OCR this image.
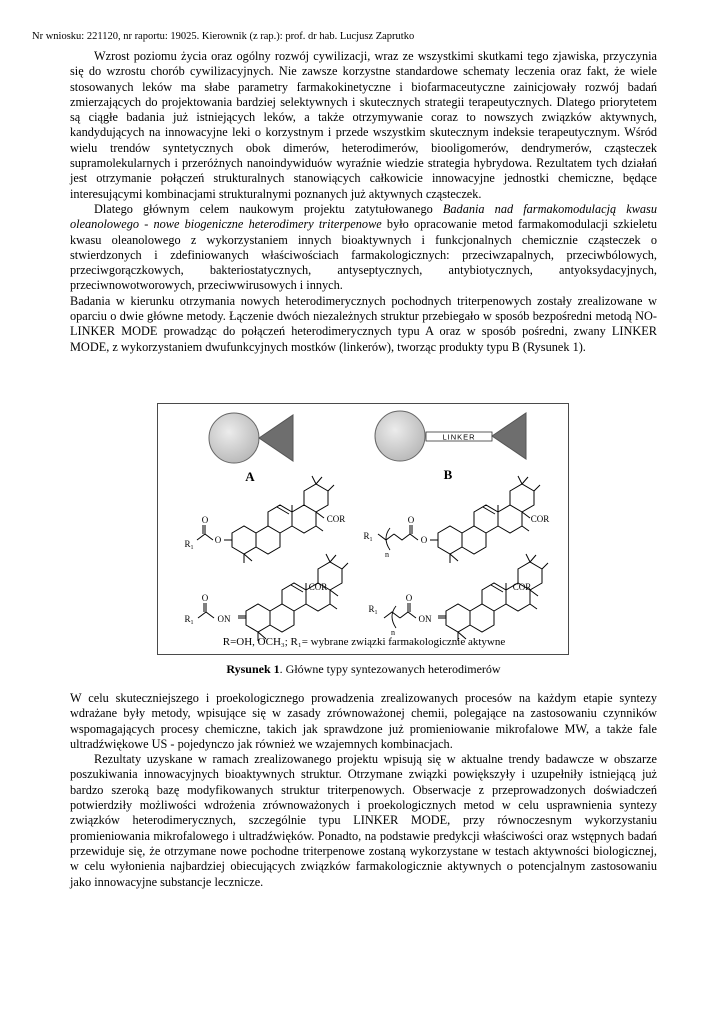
Nr wniosku: 221120, nr raportu: 19025. Kierownik (z rap.): prof. dr hab. Lucjusz Zaprutko

Wzrost poziomu życia oraz ogólny rozwój cywilizacji, wraz ze wszystkimi skutkami tego zjawiska, przyczynia się do wzrostu chorób cywilizacyjnych. Nie zawsze korzystne standardowe schematy leczenia oraz fakt, że wiele stosowanych leków ma słabe parametry farmakokinetyczne i biofarmaceutyczne zainicjowały rozwój badań zmierzających do projektowania bardziej selektywnych i skutecznych strategii terapeutycznych. Dlatego priorytetem są ciągłe badania już istniejących leków, a także otrzymywanie coraz to nowszych związków aktywnych, kandydujących na innowacyjne leki o korzystnym i przede wszystkim skutecznym indeksie terapeutycznym. Wśród wielu trendów syntetycznych obok dimerów, heterodimerów, biooligomerów, dendrymerów, cząsteczek supramolekularnych i przeróżnych nanoindywiduów wyraźnie wiedzie strategia hybrydowa. Rezultatem tych działań jest otrzymanie połączeń strukturalnych stanowiących całkowicie innowacyjne jednostki chemiczne, będące interesującymi kombinacjami strukturalnymi poznanych już aktywnych cząsteczek.

Dlatego głównym celem naukowym projektu zatytułowanego Badania nad farmakomodulacją kwasu oleanolowego - nowe biogeniczne heterodimery triterpenowe było opracowanie metod farmakomodulacji szkieletu kwasu oleanolowego z wykorzystaniem innych bioaktywnych i funkcjonalnych chemicznie cząsteczek o stwierdzonych i zdefiniowanych właściwościach farmakologicznych: przeciwzapalnych, przeciwbólowych, przeciwgorączkowych, bakteriostatycznych, antyseptycznych, antybiotycznych, antyoksydacyjnych, przeciwnowotworowych, przeciwwirusowych i innych.

Badania w kierunku otrzymania nowych heterodimerycznych pochodnych triterpenowych zostały zrealizowane w oparciu o dwie główne metody. Łączenie dwóch niezależnych struktur przebiegało w sposób bezpośredni metodą NO-LINKER MODE prowadząc do połączeń heterodimerycznych typu A oraz w sposób pośredni, zwany LINKER MODE, z wykorzystaniem dwufunkcyjnych mostków (linkerów), tworząc produkty typu B (Rysunek 1).

A
LINKER
B
O
O
$R_1$
COR
O
O
n
$R_1$
COR
ON
O
$R_1$
COR
ON
O
n
$R_1$
COR
R=OH, OCH₃; R₁= wybrane związki farmakologicznie aktywne
Rysunek 1. Główne typy syntezowanych heterodimerów

W celu skuteczniejszego i proekologicznego prowadzenia zrealizowanych procesów na każdym etapie syntezy wdrażane były metody, wpisujące się w zasady zrównoważonej chemii, polegające na zastosowaniu czynników wspomagających procesy chemiczne, takich jak sprawdzone już promieniowanie mikrofalowe MW, a także fale ultradźwiękowe US - pojedynczo jak również we wzajemnych kombinacjach.

Rezultaty uzyskane w ramach zrealizowanego projektu wpisują się w aktualne trendy badawcze w obszarze poszukiwania innowacyjnych bioaktywnych struktur. Otrzymane związki powiększyły i uzupełniły istniejącą już bardzo szeroką bazę modyfikowanych struktur triterpenowych. Obserwacje z przeprowadzonych doświadczeń potwierdziły możliwości wdrożenia zrównoważonych i proekologicznych metod w celu usprawnienia syntezy związków heterodimerycznych, szczególnie typu LINKER MODE, przy równoczesnym wykorzystaniu promieniowania mikrofalowego i ultradźwięków. Ponadto, na podstawie predykcji właściwości oraz wstępnych badań przewiduje się, że otrzymane nowe pochodne triterpenowe zostaną wykorzystane w testach aktywności biologicznej, w celu wyłonienia najbardziej obiecujących związków farmakologicznie aktywnych o potencjalnym zastosowaniu jako innowacyjne substancje lecznicze.
